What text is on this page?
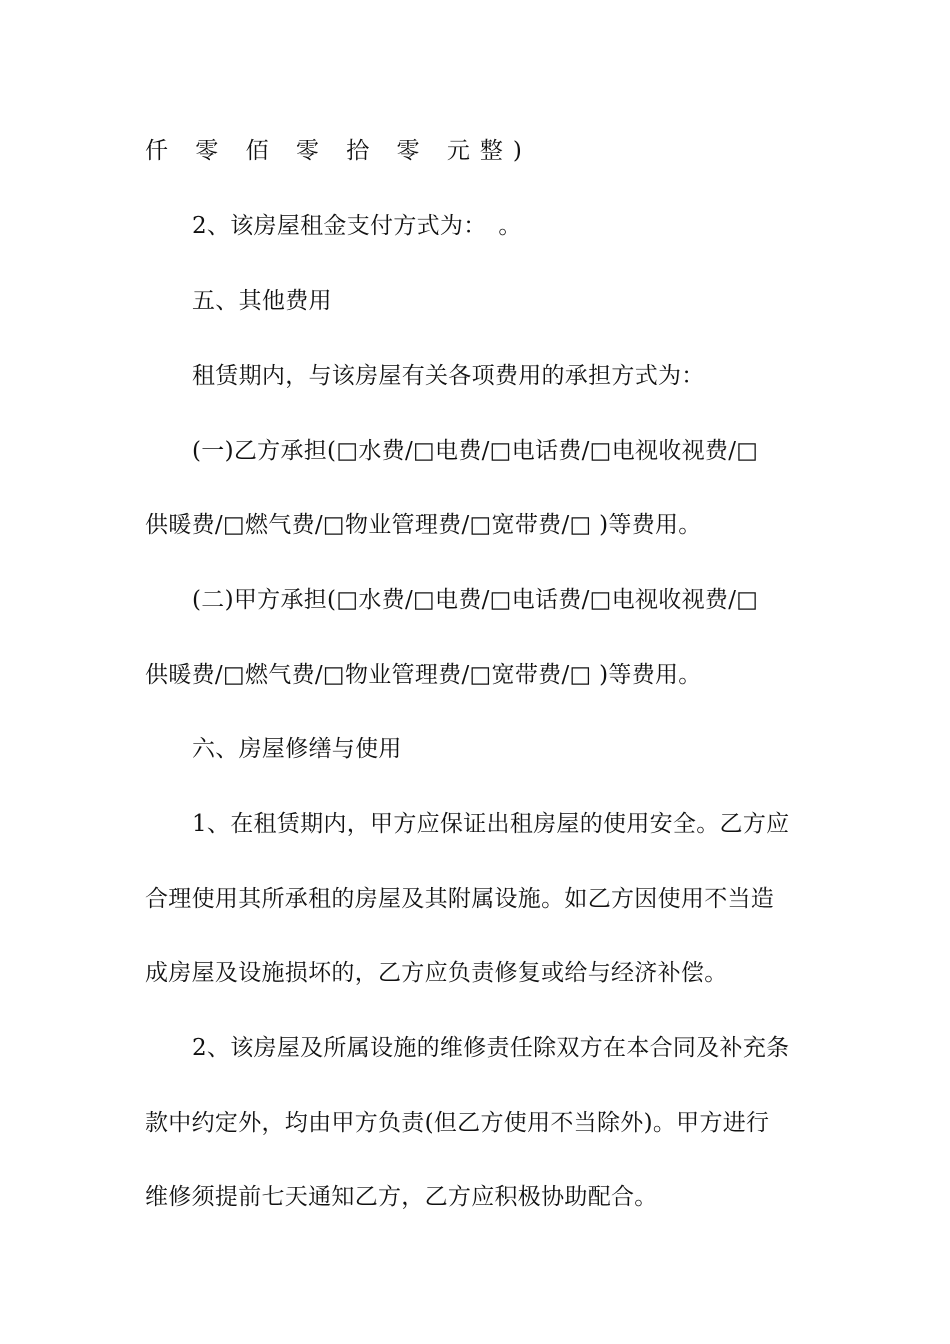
仟 零 佰 零 拾 零 元整)
2、该房屋租金支付方式为：　。
五、其他费用
租赁期内，与该房屋有关各项费用的承担方式为：
(一)乙方承担(□水费/□电费/□电话费/□电视收视费/□
供暖费/□燃气费/□物业管理费/□宽带费/□ )等费用。
(二)甲方承担(□水费/□电费/□电话费/□电视收视费/□
供暖费/□燃气费/□物业管理费/□宽带费/□ )等费用。
六、房屋修缮与使用
1、在租赁期内，甲方应保证出租房屋的使用安全。乙方应
合理使用其所承租的房屋及其附属设施。如乙方因使用不当造
成房屋及设施损坏的，乙方应负责修复或给与经济补偿。
2、该房屋及所属设施的维修责任除双方在本合同及补充条
款中约定外，均由甲方负责(但乙方使用不当除外)。甲方进行
维修须提前七天通知乙方，乙方应积极协助配合。
